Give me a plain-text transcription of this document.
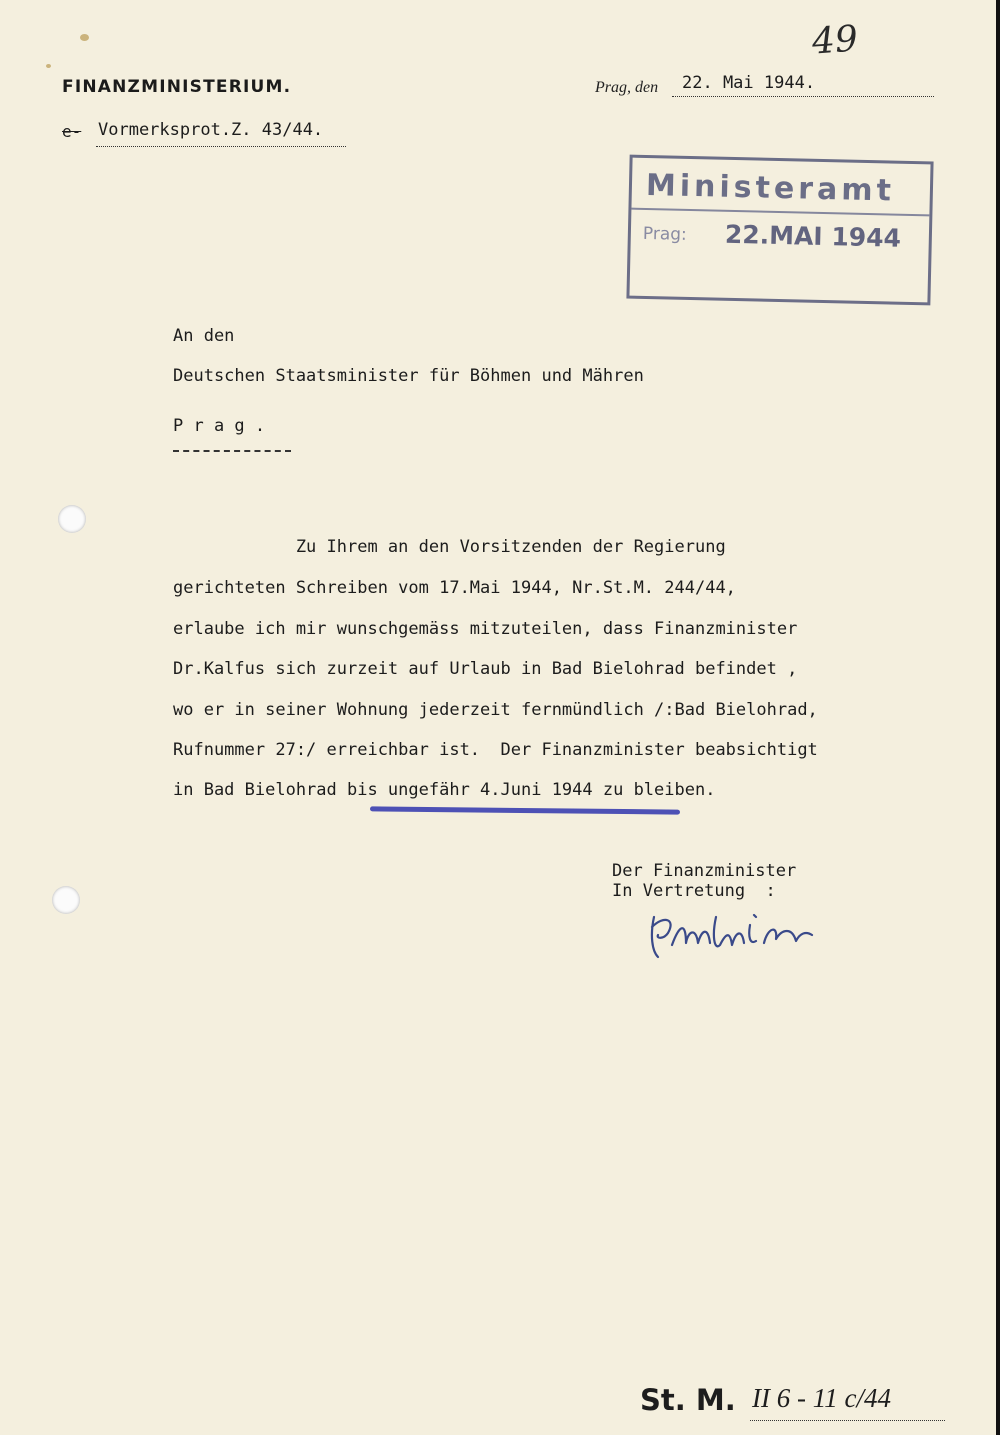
FINANZMINISTERIUM.
e- Vormerksprot.Z. 43/44.
Prag, den 22. Mai 1944.
49
Ministeramt
Prag: 22.MAI 1944
An den
Deutschen Staatsminister für Böhmen und Mähren
P r a g .
Zu Ihrem an den Vorsitzenden der Regierung
gerichteten Schreiben vom 17.Mai 1944, Nr.St.M. 244/44,
erlaube ich mir wunschgemäss mitzuteilen, dass Finanzminister
Dr.Kalfus sich zurzeit auf Urlaub in Bad Bielohrad befindet ,
wo er in seiner Wohnung jederzeit fernmündlich /:Bad Bielohrad,
Rufnummer 27:/ erreichbar ist.  Der Finanzminister beabsichtigt
in Bad Bielohrad bis ungefähr 4.Juni 1944 zu bleiben.
Der Finanzminister
In Vertretung  :
St. M. II 6 - 11 c/44
